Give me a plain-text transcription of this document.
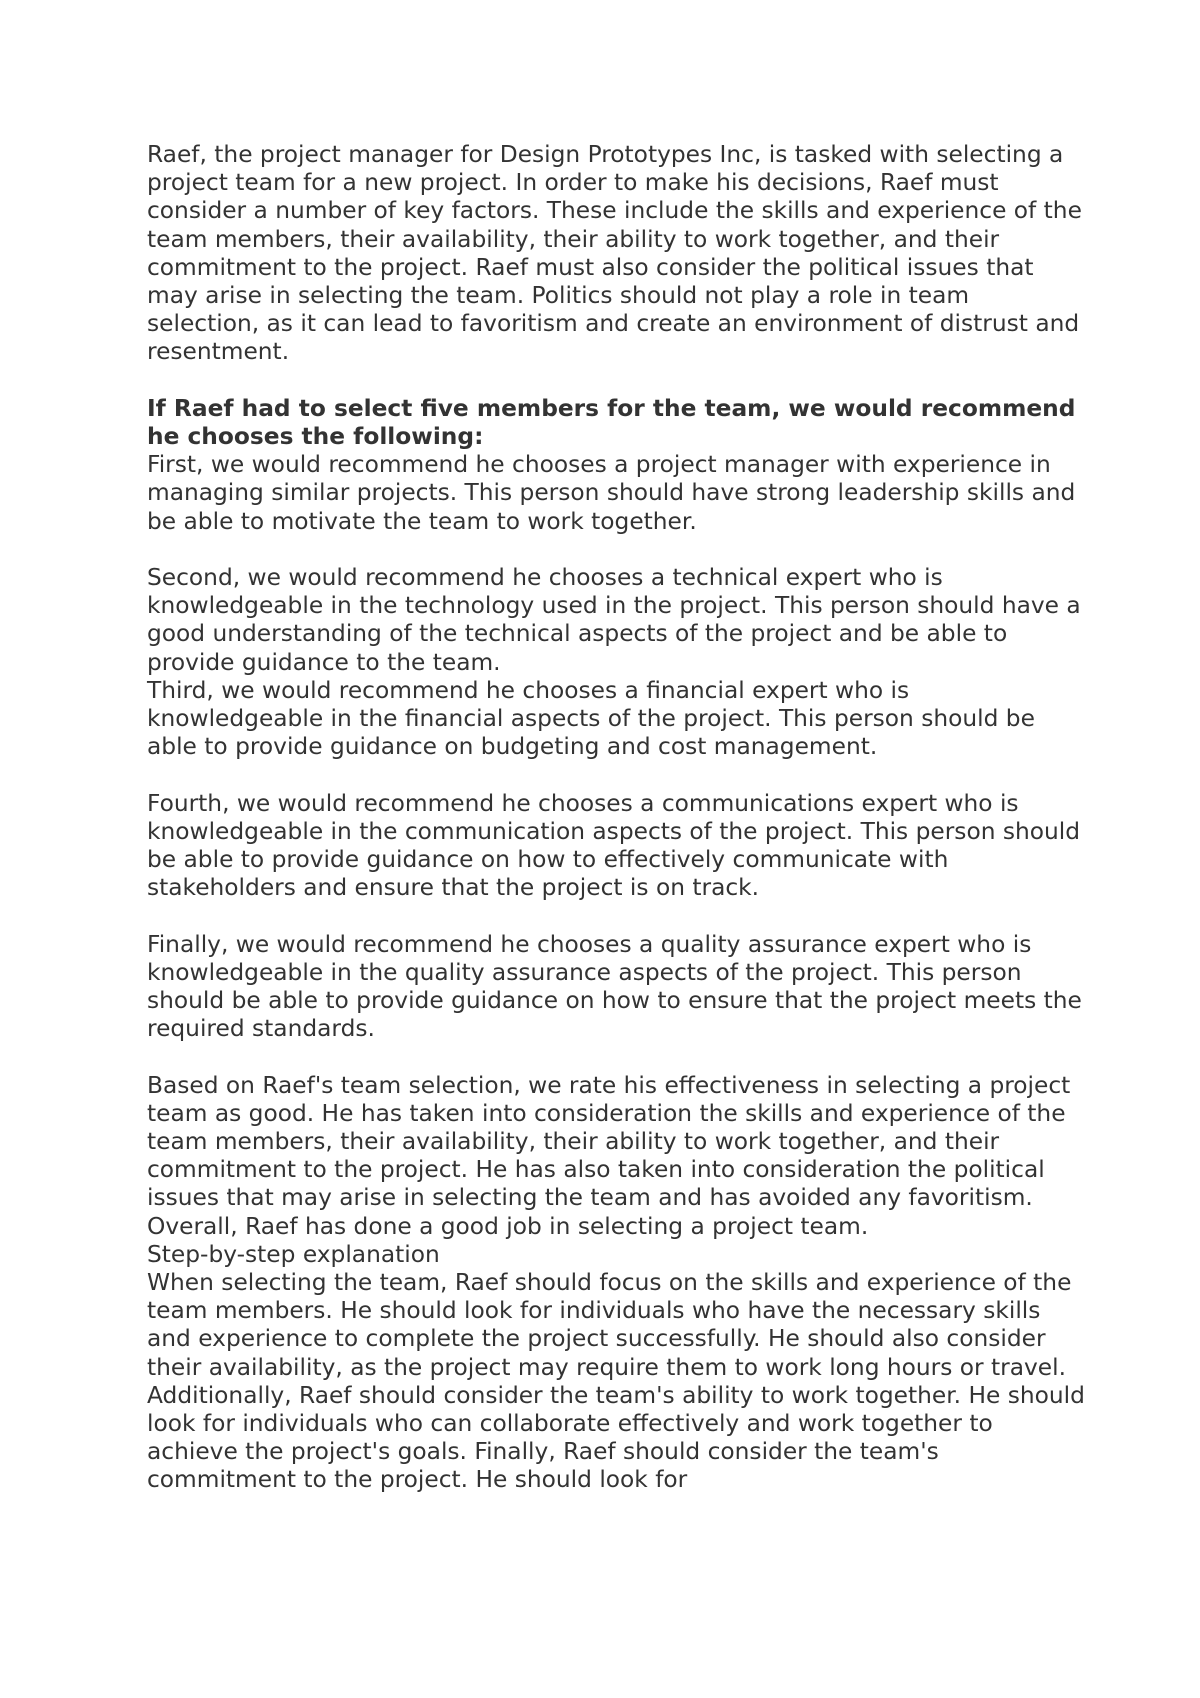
Raef, the project manager for Design Prototypes Inc, is tasked with selecting a project team for a new project. In order to make his decisions, Raef must consider a number of key factors. These include the skills and experience of the team members, their availability, their ability to work together, and their commitment to the project. Raef must also consider the political issues that may arise in selecting the team. Politics should not play a role in team selection, as it can lead to favoritism and create an environment of distrust and resentment.

If Raef had to select five members for the team, we would recommend he chooses the following:

First, we would recommend he chooses a project manager with experience in managing similar projects. This person should have strong leadership skills and be able to motivate the team to work together.

Second, we would recommend he chooses a technical expert who is knowledgeable in the technology used in the project. This person should have a good understanding of the technical aspects of the project and be able to provide guidance to the team.

Third, we would recommend he chooses a financial expert who is knowledgeable in the financial aspects of the project. This person should be able to provide guidance on budgeting and cost management.

Fourth, we would recommend he chooses a communications expert who is knowledgeable in the communication aspects of the project. This person should be able to provide guidance on how to effectively communicate with stakeholders and ensure that the project is on track.

Finally, we would recommend he chooses a quality assurance expert who is knowledgeable in the quality assurance aspects of the project. This person should be able to provide guidance on how to ensure that the project meets the required standards.

Based on Raef's team selection, we rate his effectiveness in selecting a project team as good. He has taken into consideration the skills and experience of the team members, their availability, their ability to work together, and their commitment to the project. He has also taken into consideration the political issues that may arise in selecting the team and has avoided any favoritism. Overall, Raef has done a good job in selecting a project team.

Step-by-step explanation

When selecting the team, Raef should focus on the skills and experience of the team members. He should look for individuals who have the necessary skills and experience to complete the project successfully. He should also consider their availability, as the project may require them to work long hours or travel. Additionally, Raef should consider the team's ability to work together. He should look for individuals who can collaborate effectively and work together to achieve the project's goals. Finally, Raef should consider the team's commitment to the project. He should look for
